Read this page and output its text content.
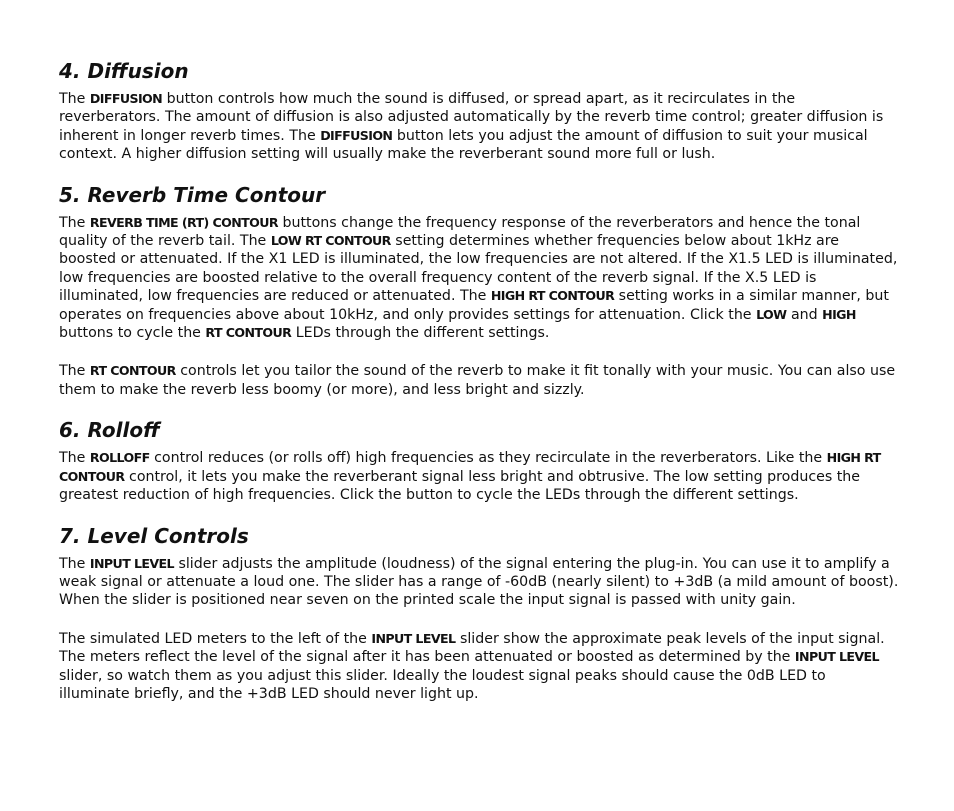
4. Diffusion

The DIFFUSION button controls how much the sound is diffused, or spread apart, as it recirculates in the reverberators. The amount of diffusion is also adjusted automatically by the reverb time control; greater diffusion is inherent in longer reverb times. The DIFFUSION button lets you adjust the amount of diffusion to suit your musical context. A higher diffusion setting will usually make the reverberant sound more full or lush.

5. Reverb Time Contour

The REVERB TIME (RT) CONTOUR buttons change the frequency response of the reverberators and hence the tonal quality of the reverb tail. The LOW RT CONTOUR setting determines whether frequencies below about 1kHz are boosted or attenuated. If the X1 LED is illuminated, the low frequencies are not altered. If the X1.5 LED is illuminated, low frequencies are boosted relative to the overall frequency content of the reverb signal. If the X.5 LED is illuminated, low frequencies are reduced or attenuated. The HIGH RT CONTOUR setting works in a similar manner, but operates on frequencies above about 10kHz, and only provides settings for attenuation. Click the LOW and HIGH buttons to cycle the RT CONTOUR LEDs through the different settings.

The RT CONTOUR controls let you tailor the sound of the reverb to make it fit tonally with your music. You can also use them to make the reverb less boomy (or more), and less bright and sizzly.

6. Rolloff

The ROLLOFF control reduces (or rolls off) high frequencies as they recirculate in the reverberators. Like the HIGH RT CONTOUR control, it lets you make the reverberant signal less bright and obtrusive. The low setting produces the greatest reduction of high frequencies. Click the button to cycle the LEDs through the different settings.

7. Level Controls

The INPUT LEVEL slider adjusts the amplitude (loudness) of the signal entering the plug-in. You can use it to amplify a weak signal or attenuate a loud one. The slider has a range of -60dB (nearly silent) to +3dB (a mild amount of boost). When the slider is positioned near seven on the printed scale the input signal is passed with unity gain.

The simulated LED meters to the left of the INPUT LEVEL slider show the approximate peak levels of the input signal. The meters reflect the level of the signal after it has been attenuated or boosted as determined by the INPUT LEVEL slider, so watch them as you adjust this slider. Ideally the loudest signal peaks should cause the 0dB LED to illuminate briefly, and the +3dB LED should never light up.
